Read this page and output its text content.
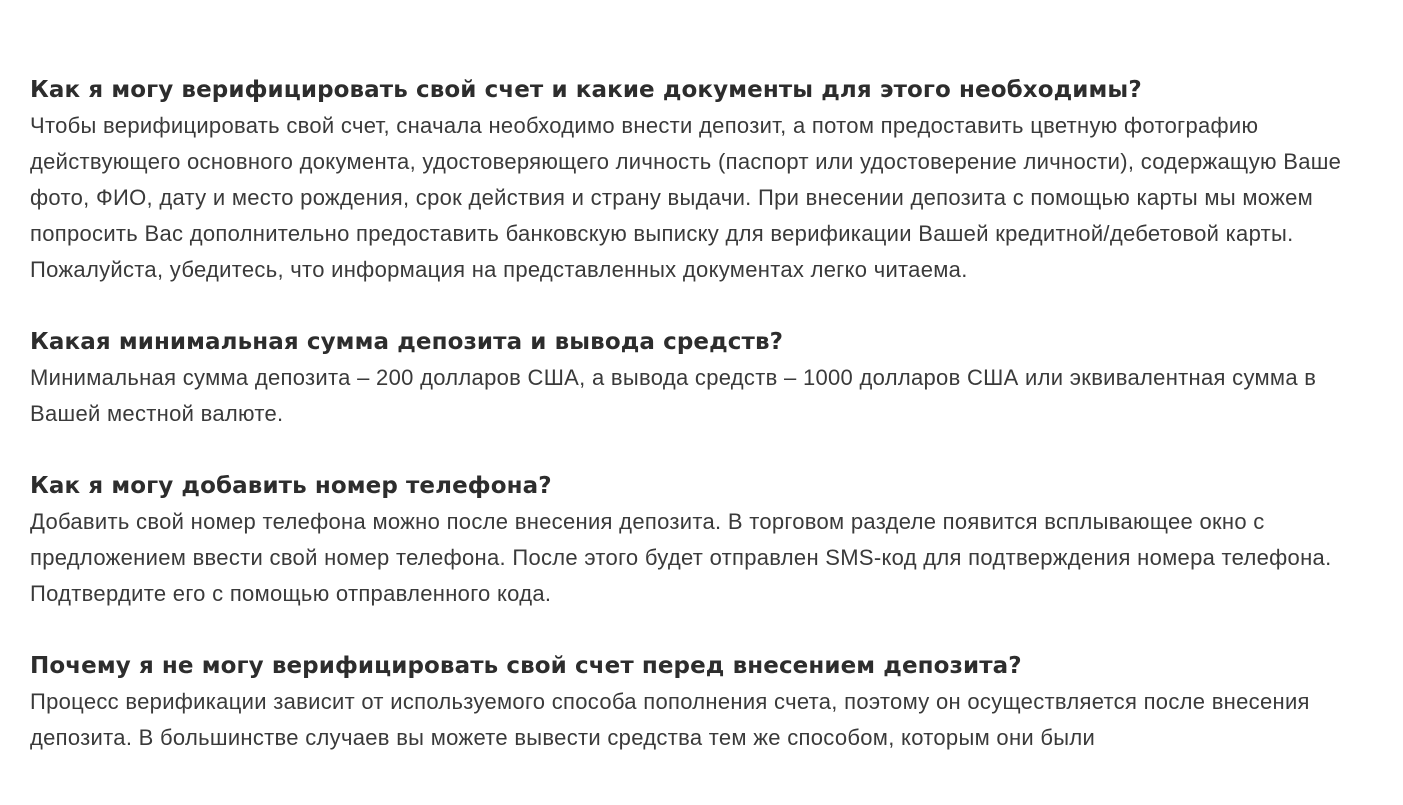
Как я могу верифицировать свой счет и какие документы для этого необходимы?

Чтобы верифицировать свой счет, сначала необходимо внести депозит, а потом предоставить цветную фотографию действующего основного документа, удостоверяющего личность (паспорт или удостоверение личности), содержащую Ваше фото, ФИО, дату и место рождения, срок действия и страну выдачи. При внесении депозита с помощью карты мы можем попросить Вас дополнительно предоставить банковскую выписку для верификации Вашей кредитной/дебетовой карты. Пожалуйста, убедитесь, что информация на представленных документах легко читаема.

Какая минимальная сумма депозита и вывода средств?

Минимальная сумма депозита – 200 долларов США, а вывода средств – 1000 долларов США или эквивалентная сумма в Вашей местной валюте.

Как я могу добавить номер телефона?

Добавить свой номер телефона можно после внесения депозита. В торговом разделе появится всплывающее окно с предложением ввести свой номер телефона. После этого будет отправлен SMS-код для подтверждения номера телефона. Подтвердите его с помощью отправленного кода.

Почему я не могу верифицировать свой счет перед внесением депозита?

Процесс верификации зависит от используемого способа пополнения счета, поэтому он осуществляется после внесения депозита. В большинстве случаев вы можете вывести средства тем же способом, которым они были
